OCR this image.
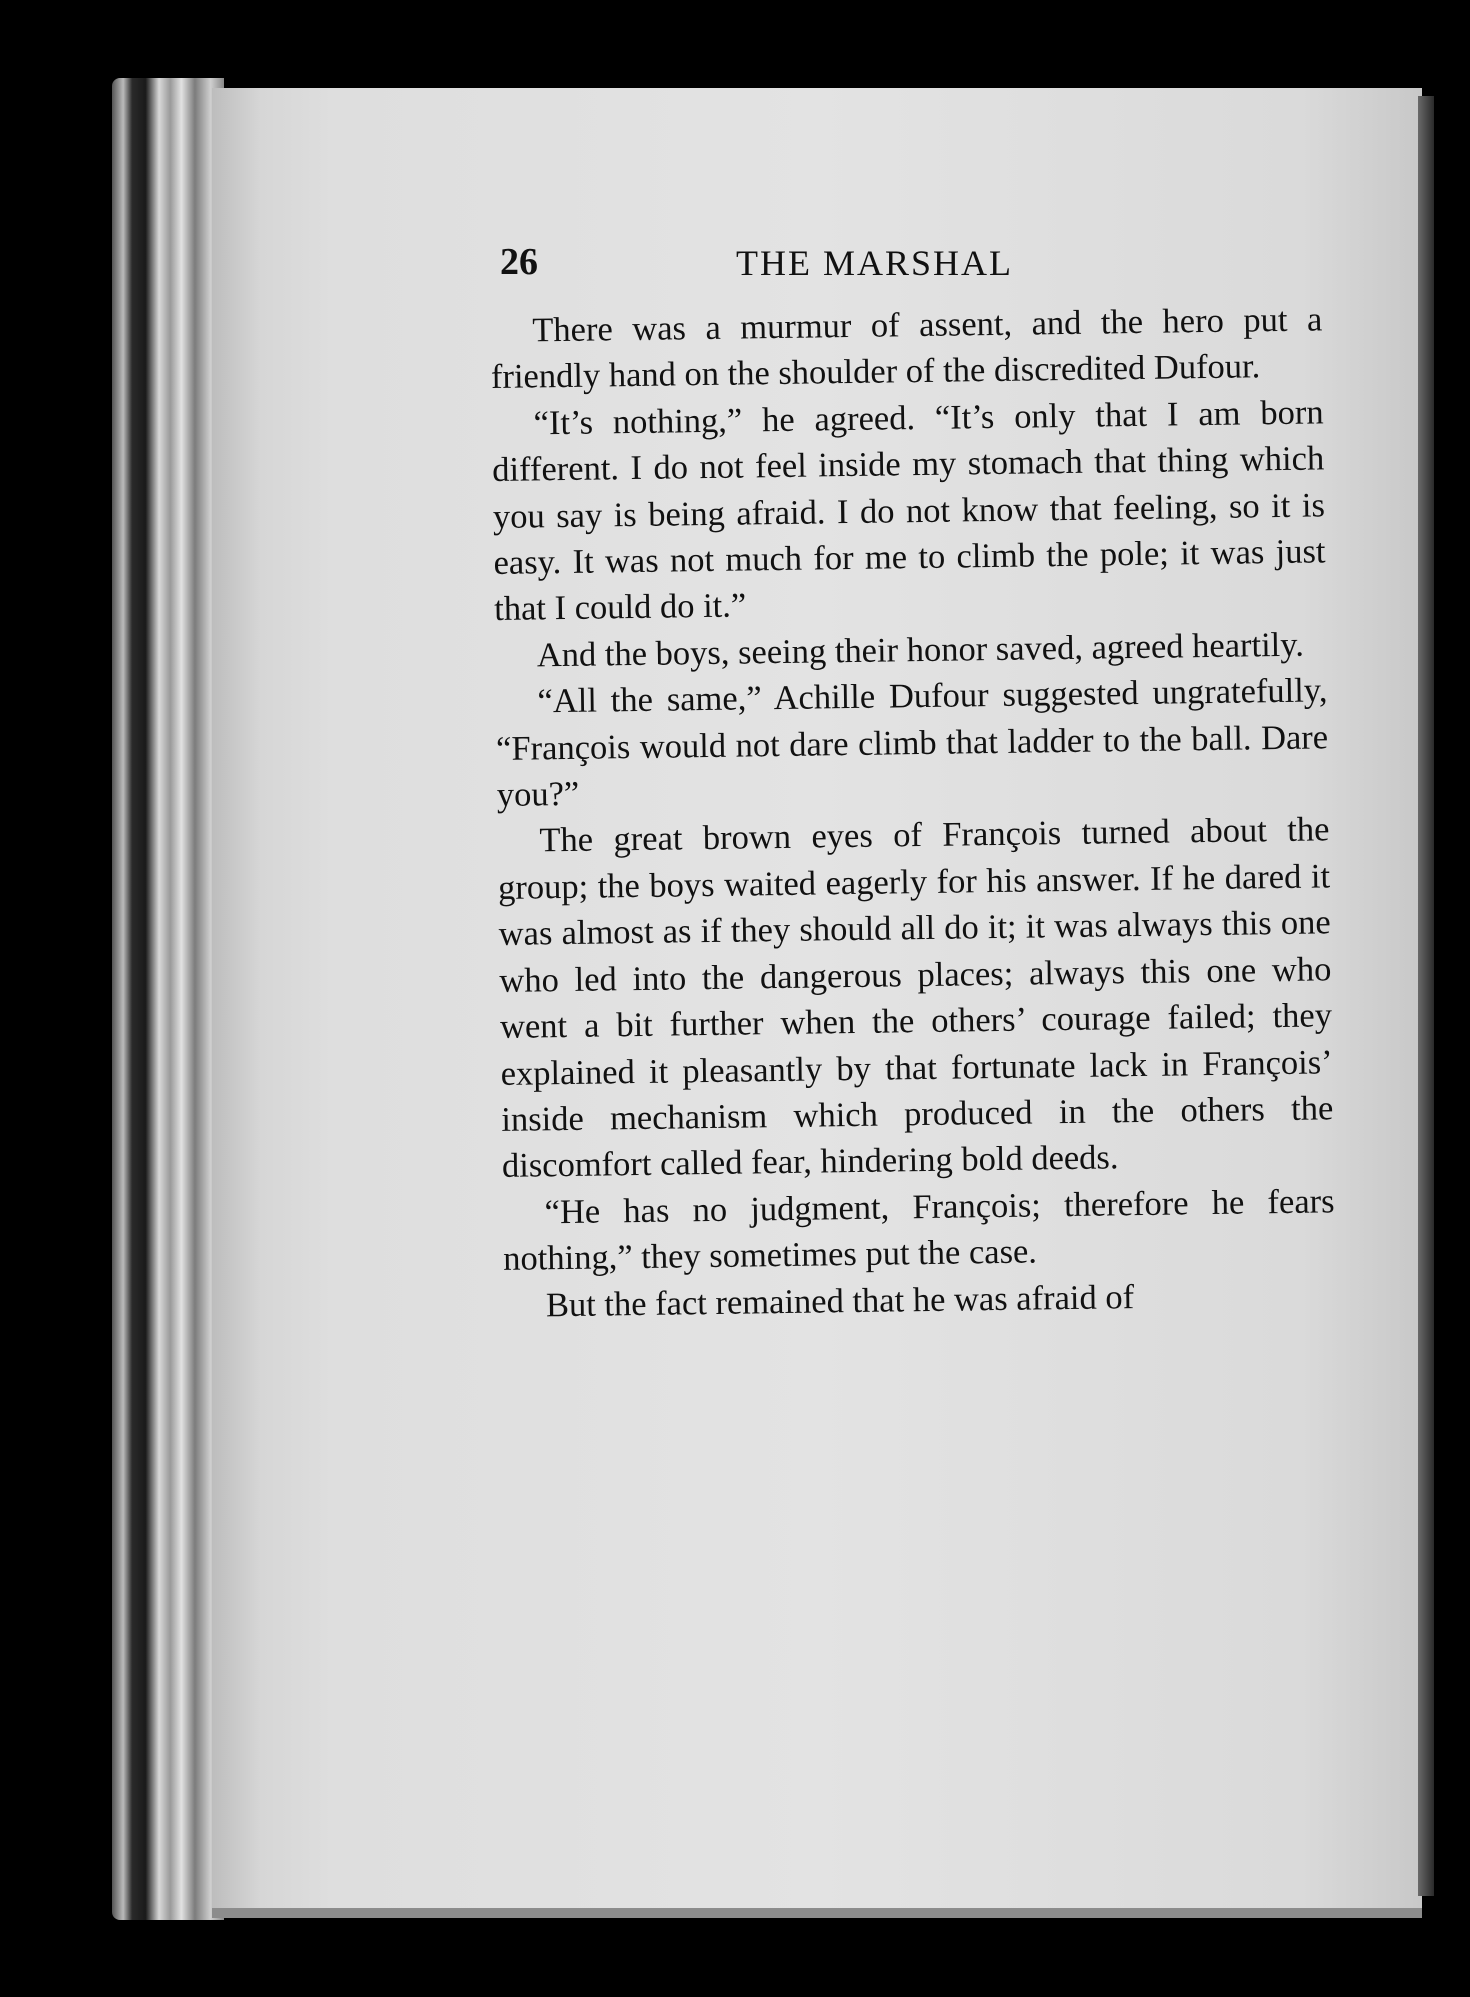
26	THE MARSHAL

There was a murmur of assent, and the hero put a friendly hand on the shoulder of the discredited Dufour.

“It’s nothing,” he agreed. “It’s only that I am born different. I do not feel inside my stomach that thing which you say is being afraid. I do not know that feeling, so it is easy. It was not much for me to climb the pole; it was just that I could do it.”

And the boys, seeing their honor saved, agreed heartily.

“All the same,” Achille Dufour suggested ungratefully, “François would not dare climb that ladder to the ball. Dare you?”

The great brown eyes of François turned about the group; the boys waited eagerly for his answer. If he dared it was almost as if they should all do it; it was always this one who led into the dangerous places; always this one who went a bit further when the others’ courage failed; they explained it pleasantly by that fortunate lack in François’ inside mechanism which produced in the others the discomfort called fear, hindering bold deeds.

“He has no judgment, François; therefore he fears nothing,” they sometimes put the case.

But the fact remained that he was afraid of
